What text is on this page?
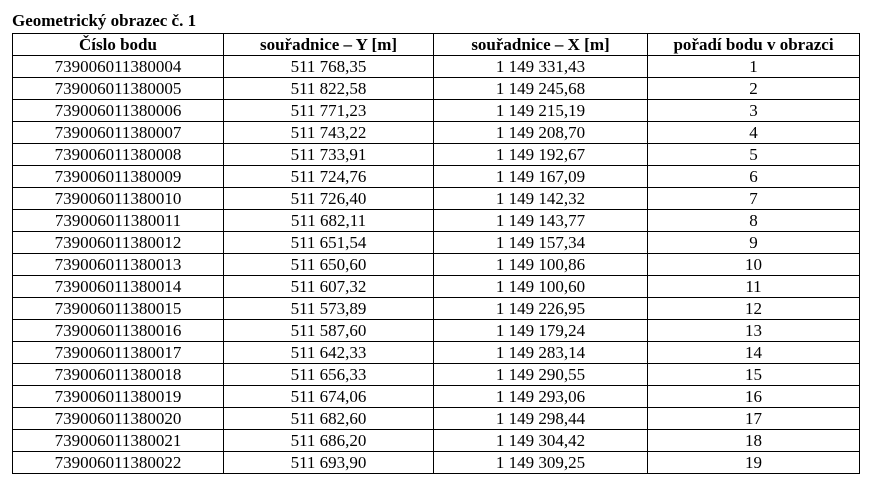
Geometrický obrazec č. 1
Číslo bodu	souřadnice – Y [m]	souřadnice – X [m]	pořadí bodu v obrazci
739006011380004	511 768,35	1 149 331,43	1
739006011380005	511 822,58	1 149 245,68	2
739006011380006	511 771,23	1 149 215,19	3
739006011380007	511 743,22	1 149 208,70	4
739006011380008	511 733,91	1 149 192,67	5
739006011380009	511 724,76	1 149 167,09	6
739006011380010	511 726,40	1 149 142,32	7
739006011380011	511 682,11	1 149 143,77	8
739006011380012	511 651,54	1 149 157,34	9
739006011380013	511 650,60	1 149 100,86	10
739006011380014	511 607,32	1 149 100,60	11
739006011380015	511 573,89	1 149 226,95	12
739006011380016	511 587,60	1 149 179,24	13
739006011380017	511 642,33	1 149 283,14	14
739006011380018	511 656,33	1 149 290,55	15
739006011380019	511 674,06	1 149 293,06	16
739006011380020	511 682,60	1 149 298,44	17
739006011380021	511 686,20	1 149 304,42	18
739006011380022	511 693,90	1 149 309,25	19
